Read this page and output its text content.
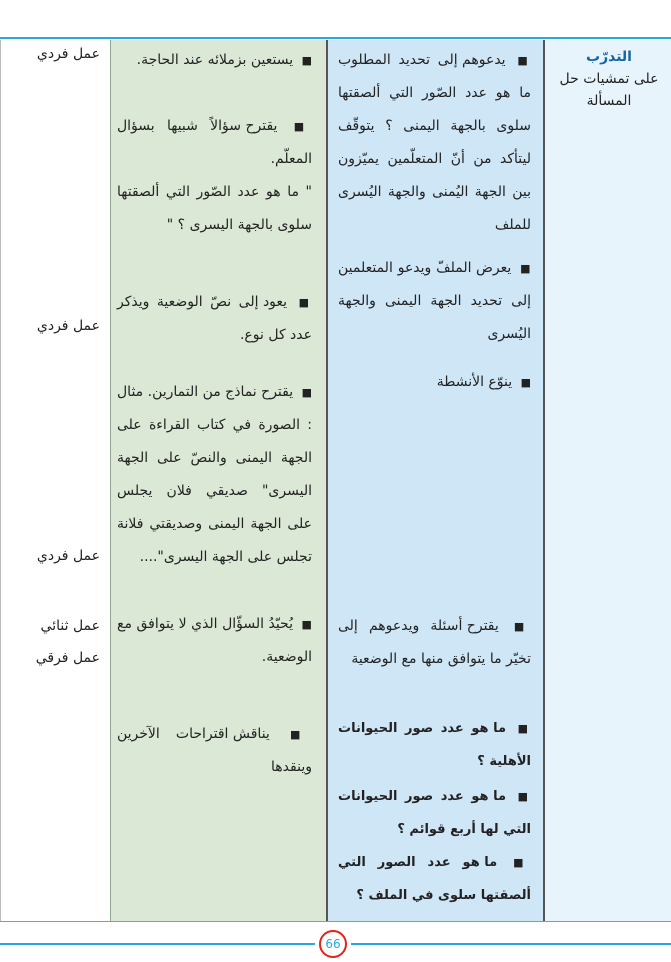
عمل فردي
عمل فردي
عمل فردي
عمل ثنائي
عمل فرقي
■ يستعين بزملائه عند الحاجة.
■ يقترح سؤالاً شبيها بسؤال المعلّم.
" ما هو عدد الصّور التي ألصقتها سلوى بالجهة اليسرى ؟ "
■ يعود إلى نصّ الوضعية ويذكر عدد كل نوع.
■ يقترح نماذج من التمارين. مثال : الصورة في كتاب القراءة على الجهة اليمنى والنصّ على الجهة اليسرى" صديقي فلان يجلس على الجهة اليمنى وصديقتي فلانة تجلس على الجهة اليسرى"....
■ يُحيّدُ السؤّال الذي لا يتوافق مع الوضعية.
■ يناقش اقتراحات الآخرين وينقدها
■ يدعوهم إلى تحديد المطلوب ما هو عدد الصّور التي ألصقتها سلوى بالجهة اليمنى ؟ يتوقّف ليتأكد من أنّ المتعلّمين يميّزون بين الجهة اليُمنى والجهة اليُسرى للملف
■ يعرض الملفّ ويدعو المتعلمين إلى تحديد الجهة اليمنى والجهة اليُسرى
■ ينوّع الأنشطة
■ يقترح أسئلة ويدعوهم إلى تخيّر ما يتوافق منها مع الوضعية
■ ما هو عدد صور الحيوانات الأهلية ؟
■ ما هو عدد صور الحيوانات التي لها أربع قوائم ؟
■ ما هو عدد الصور التي ألصقتها سلوى في الملف ؟
التدرّب
على تمشيات حل المسألة
66
